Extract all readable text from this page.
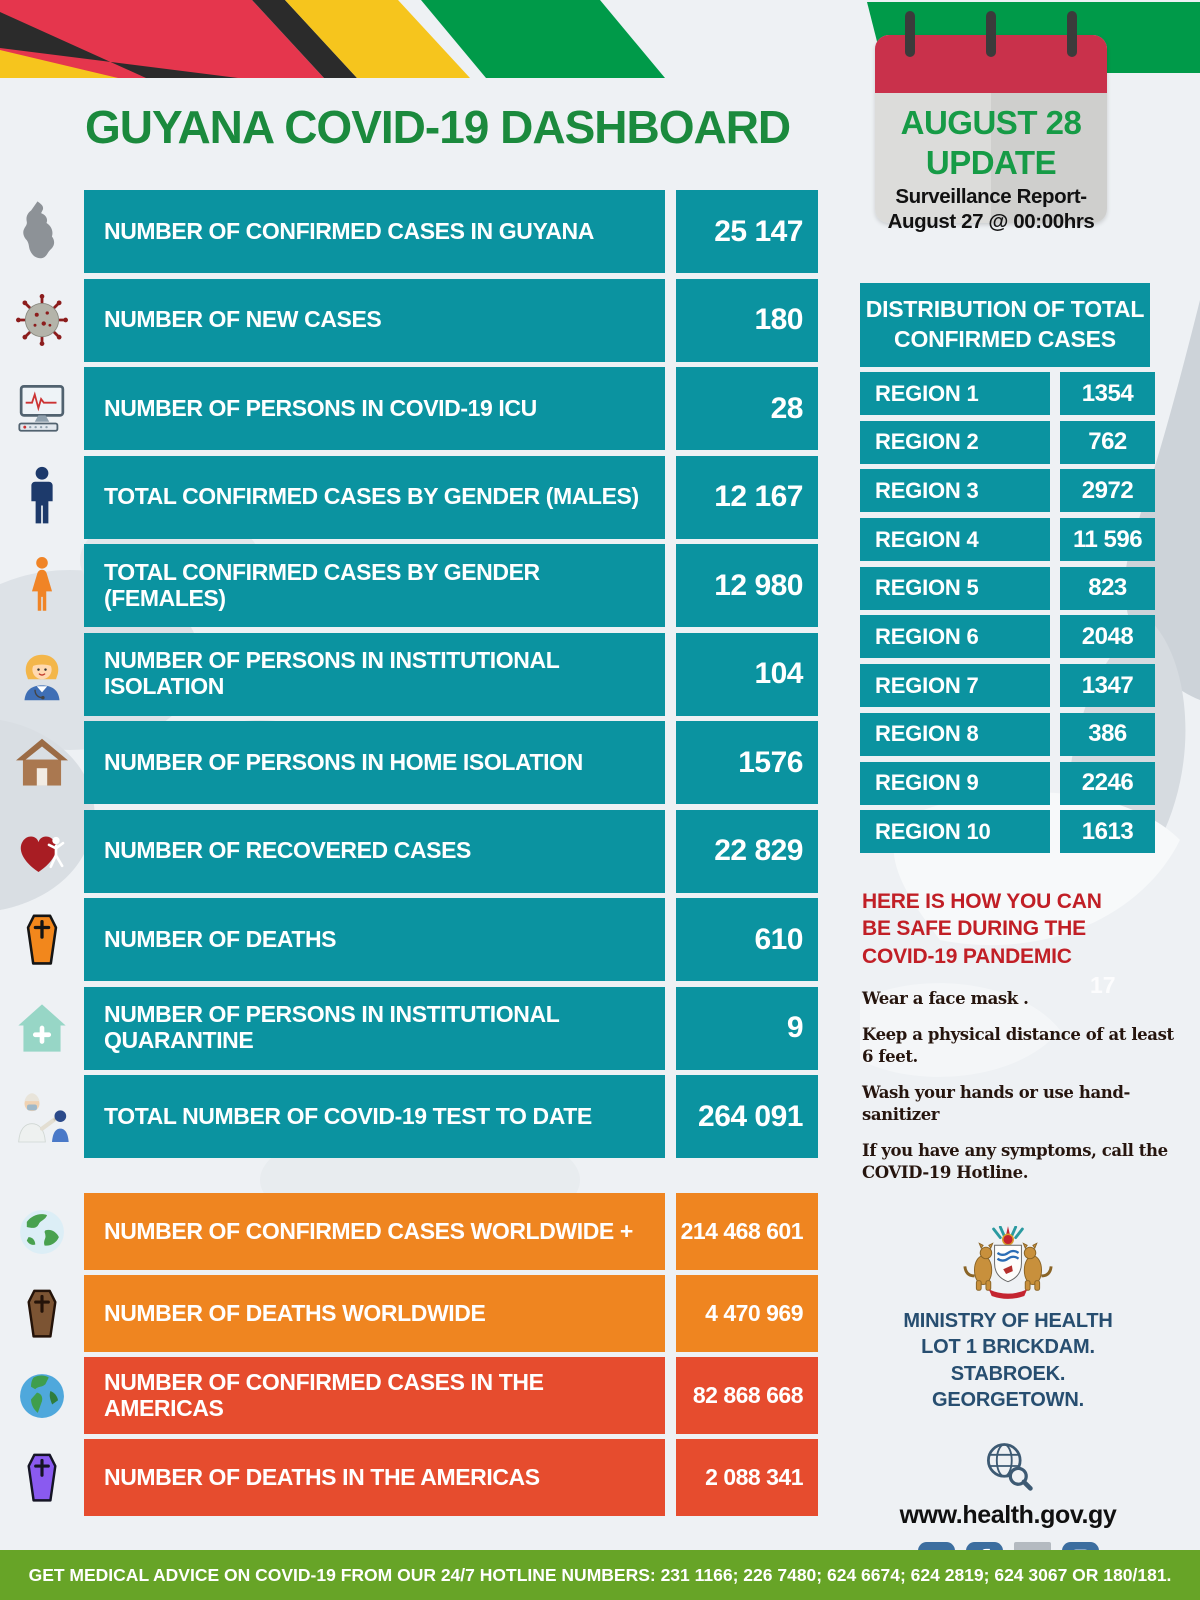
GUYANA COVID-19 DASHBOARD	AUGUST 28
UPDATE
Surveillance Report-
August 27 @ 00:00hrs
NUMBER OF CONFIRMED CASES IN GUYANA	25 147
NUMBER OF NEW CASES	180
NUMBER OF PERSONS IN COVID-19 ICU	28
TOTAL CONFIRMED CASES BY GENDER (MALES)	12 167
TOTAL CONFIRMED CASES BY GENDER (FEMALES)	12 980
NUMBER OF PERSONS IN INSTITUTIONAL ISOLATION	104
NUMBER OF PERSONS IN HOME ISOLATION	1576
NUMBER OF RECOVERED CASES	22 829
NUMBER OF DEATHS	610
NUMBER OF PERSONS IN INSTITUTIONAL QUARANTINE	9
TOTAL NUMBER OF COVID-19 TEST TO DATE	264 091
NUMBER OF CONFIRMED CASES WORLDWIDE +	214 468 601
NUMBER OF DEATHS WORLDWIDE	4 470 969
NUMBER OF CONFIRMED CASES IN THE AMERICAS	82 868 668
NUMBER OF DEATHS IN THE AMERICAS	2 088 341
DISTRIBUTION OF TOTAL CONFIRMED CASES
REGION 1	1354
REGION 2	762
REGION 3	2972
REGION 4	11 596
REGION 5	823
REGION 6	2048
REGION 7	1347
REGION 8	386
REGION 9	2246
REGION 10	1613
HERE IS HOW YOU CAN BE SAFE DURING THE COVID-19 PANDEMIC
17

Wear a face mask .

Keep a physical distance of at least 6 feet.

Wash your hands or use hand-sanitizer

If you have any symptoms, call the COVID-19 Hotline.

MINISTRY OF HEALTH
LOT 1 BRICKDAM.
STABROEK.
GEORGETOWN.
www.health.gov.gy
GET MEDICAL ADVICE ON COVID-19 FROM OUR 24/7 HOTLINE NUMBERS: 231 1166; 226 7480; 624 6674; 624 2819; 624 3067 OR 180/181.
